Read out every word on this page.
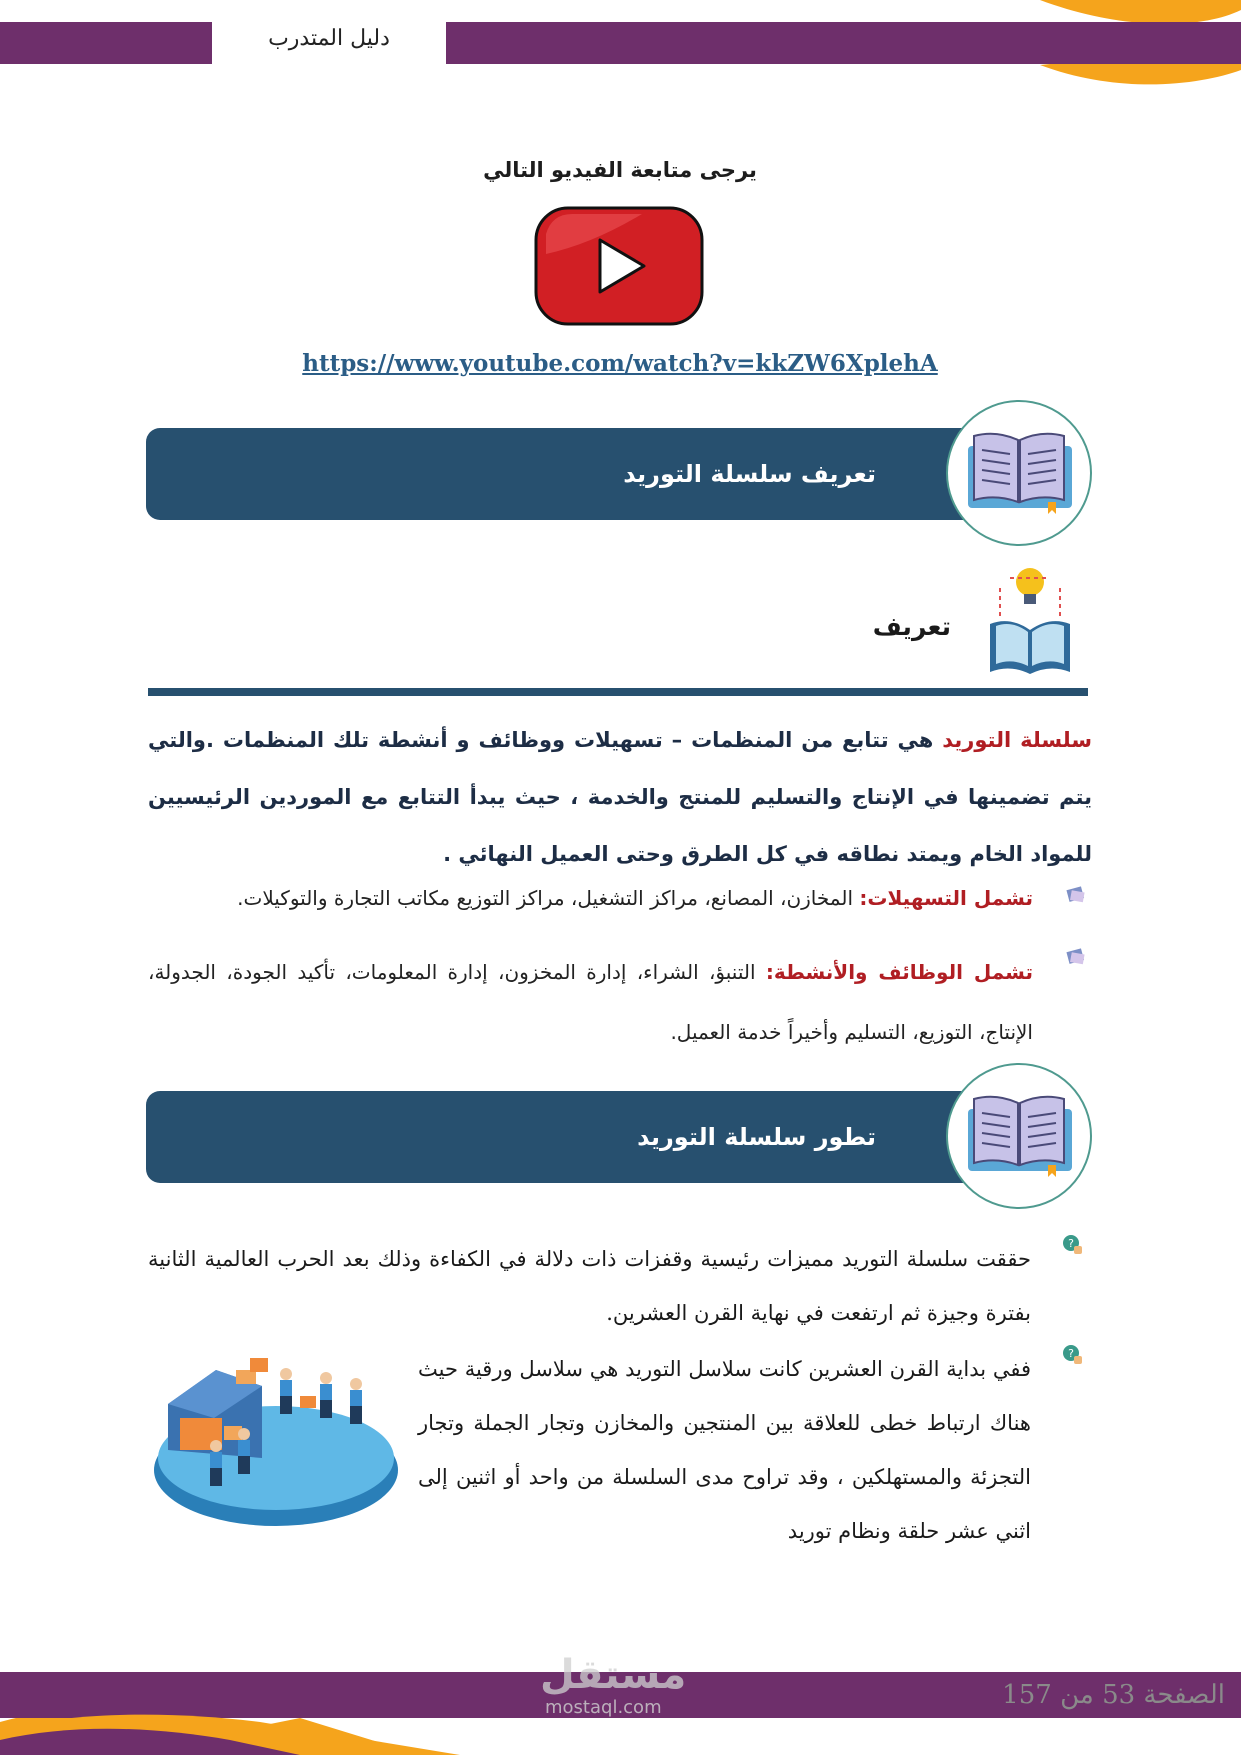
دليل المتدرب
يرجى متابعة الفيديو التالي
https://www.youtube.com/watch?v=kkZW6XplehA
تعريف سلسلة التوريد
تعريف
سلسلة التوريد هي تتابع من المنظمات – تسهيلات ووظائف و أنشطة تلك المنظمات .والتي يتم تضمينها في الإنتاج والتسليم للمنتج والخدمة ، حيث يبدأ التتابع مع الموردين الرئيسيين للمواد الخام ويمتد نطاقه في كل الطرق وحتى العميل النهائي .
تشمل التسهيلات: المخازن، المصانع، مراكز التشغيل، مراكز التوزيع مكاتب التجارة والتوكيلات.
تشمل الوظائف والأنشطة: التنبؤ، الشراء، إدارة المخزون، إدارة المعلومات، تأكيد الجودة، الجدولة، الإنتاج، التوزيع، التسليم وأخيراً خدمة العميل.
تطور سلسلة التوريد
?
حققت سلسلة التوريد مميزات رئيسية وقفزات ذات دلالة في الكفاءة وذلك بعد الحرب العالمية الثانية بفترة وجيزة ثم ارتفعت في نهاية القرن العشرين.
?
ففي بداية القرن العشرين كانت سلاسل التوريد هي سلاسل ورقية حيث هناك ارتباط خطى للعلاقة بين المنتجين والمخازن وتجار الجملة وتجار التجزئة والمستهلكين ، وقد تراوح مدى السلسلة من واحد أو اثنين إلى اثني عشر حلقة ونظام توريد
مستقل
mostaql.com	الصفحة 53 من 157
